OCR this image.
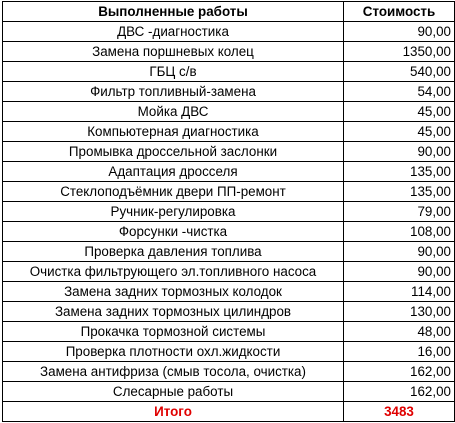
Выполненные работы	Стоимость
ДВС -диагностика	90,00
Замена поршневых колец	1350,00
ГБЦ с/в	540,00
Фильтр топливный-замена	54,00
Мойка ДВС	45,00
Компьютерная диагностика	45,00
Промывка дроссельной заслонки	90,00
Адаптация дросселя	135,00
Стеклоподъёмник двери ПП-ремонт	135,00
Ручник-регулировка	79,00
Форсунки -чистка	108,00
Проверка давления топлива	90,00
Очистка фильтрующего эл.топливного насоса	90,00
Замена задних тормозных колодок	114,00
Замена задних тормозных цилиндров	130,00
Прокачка тормозной системы	48,00
Проверка плотности охл.жидкости	16,00
Замена антифриза (смыв тосола, очистка)	162,00
Слесарные работы	162,00
Итого	3483
